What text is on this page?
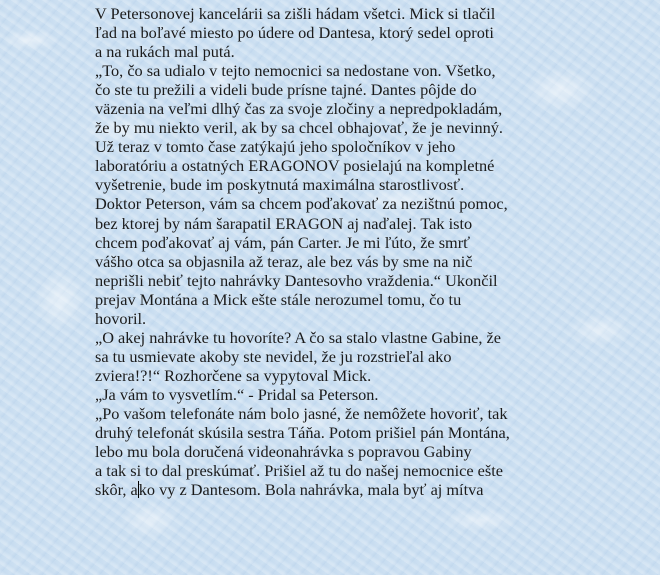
V Petersonovej kancelárii sa zišli hádam všetci. Mick si tlačil
ľad na boľavé miesto po údere od Dantesa, ktorý sedel oproti
a na rukách mal putá.
„To, čo sa udialo v tejto nemocnici sa nedostane von. Všetko,
čo ste tu prežili a videli bude prísne tajné. Dantes pôjde do
väzenia na veľmi dlhý čas za svoje zločiny a nepredpokladám,
že by mu niekto veril, ak by sa chcel obhajovať, že je nevinný.
Už teraz v tomto čase zatýkajú jeho spoločníkov v jeho
laboratóriu a ostatných ERAGONOV posielajú na kompletné
vyšetrenie, bude im poskytnutá maximálna starostlivosť.
Doktor Peterson, vám sa chcem poďakovať za nezištnú pomoc,
bez ktorej by nám šarapatil ERAGON aj naďalej. Tak isto
chcem poďakovať aj vám, pán Carter. Je mi ľúto, že smrť
vášho otca sa objasnila až teraz, ale bez vás by sme na nič
neprišli nebiť tejto nahrávky Dantesovho vraždenia.“ Ukončil
prejav Montána a Mick ešte stále nerozumel tomu, čo tu
hovoril.
„O akej nahrávke tu hovoríte? A čo sa stalo vlastne Gabine, že
sa tu usmievate akoby ste nevidel, že ju rozstrieľal ako
zviera!?!“ Rozhorčene sa vypytoval Mick.
„Ja vám to vysvetlím.“ - Pridal sa Peterson.
„Po vašom telefonáte nám bolo jasné, že nemôžete hovoriť, tak
druhý telefonát skúsila sestra Táňa. Potom prišiel pán Montána,
lebo mu bola doručená videonahrávka s popravou Gabiny
a tak si to dal preskúmať. Prišiel až tu do našej nemocnice ešte
skôr, ako vy z Dantesom. Bola nahrávka, mala byť aj mítva
